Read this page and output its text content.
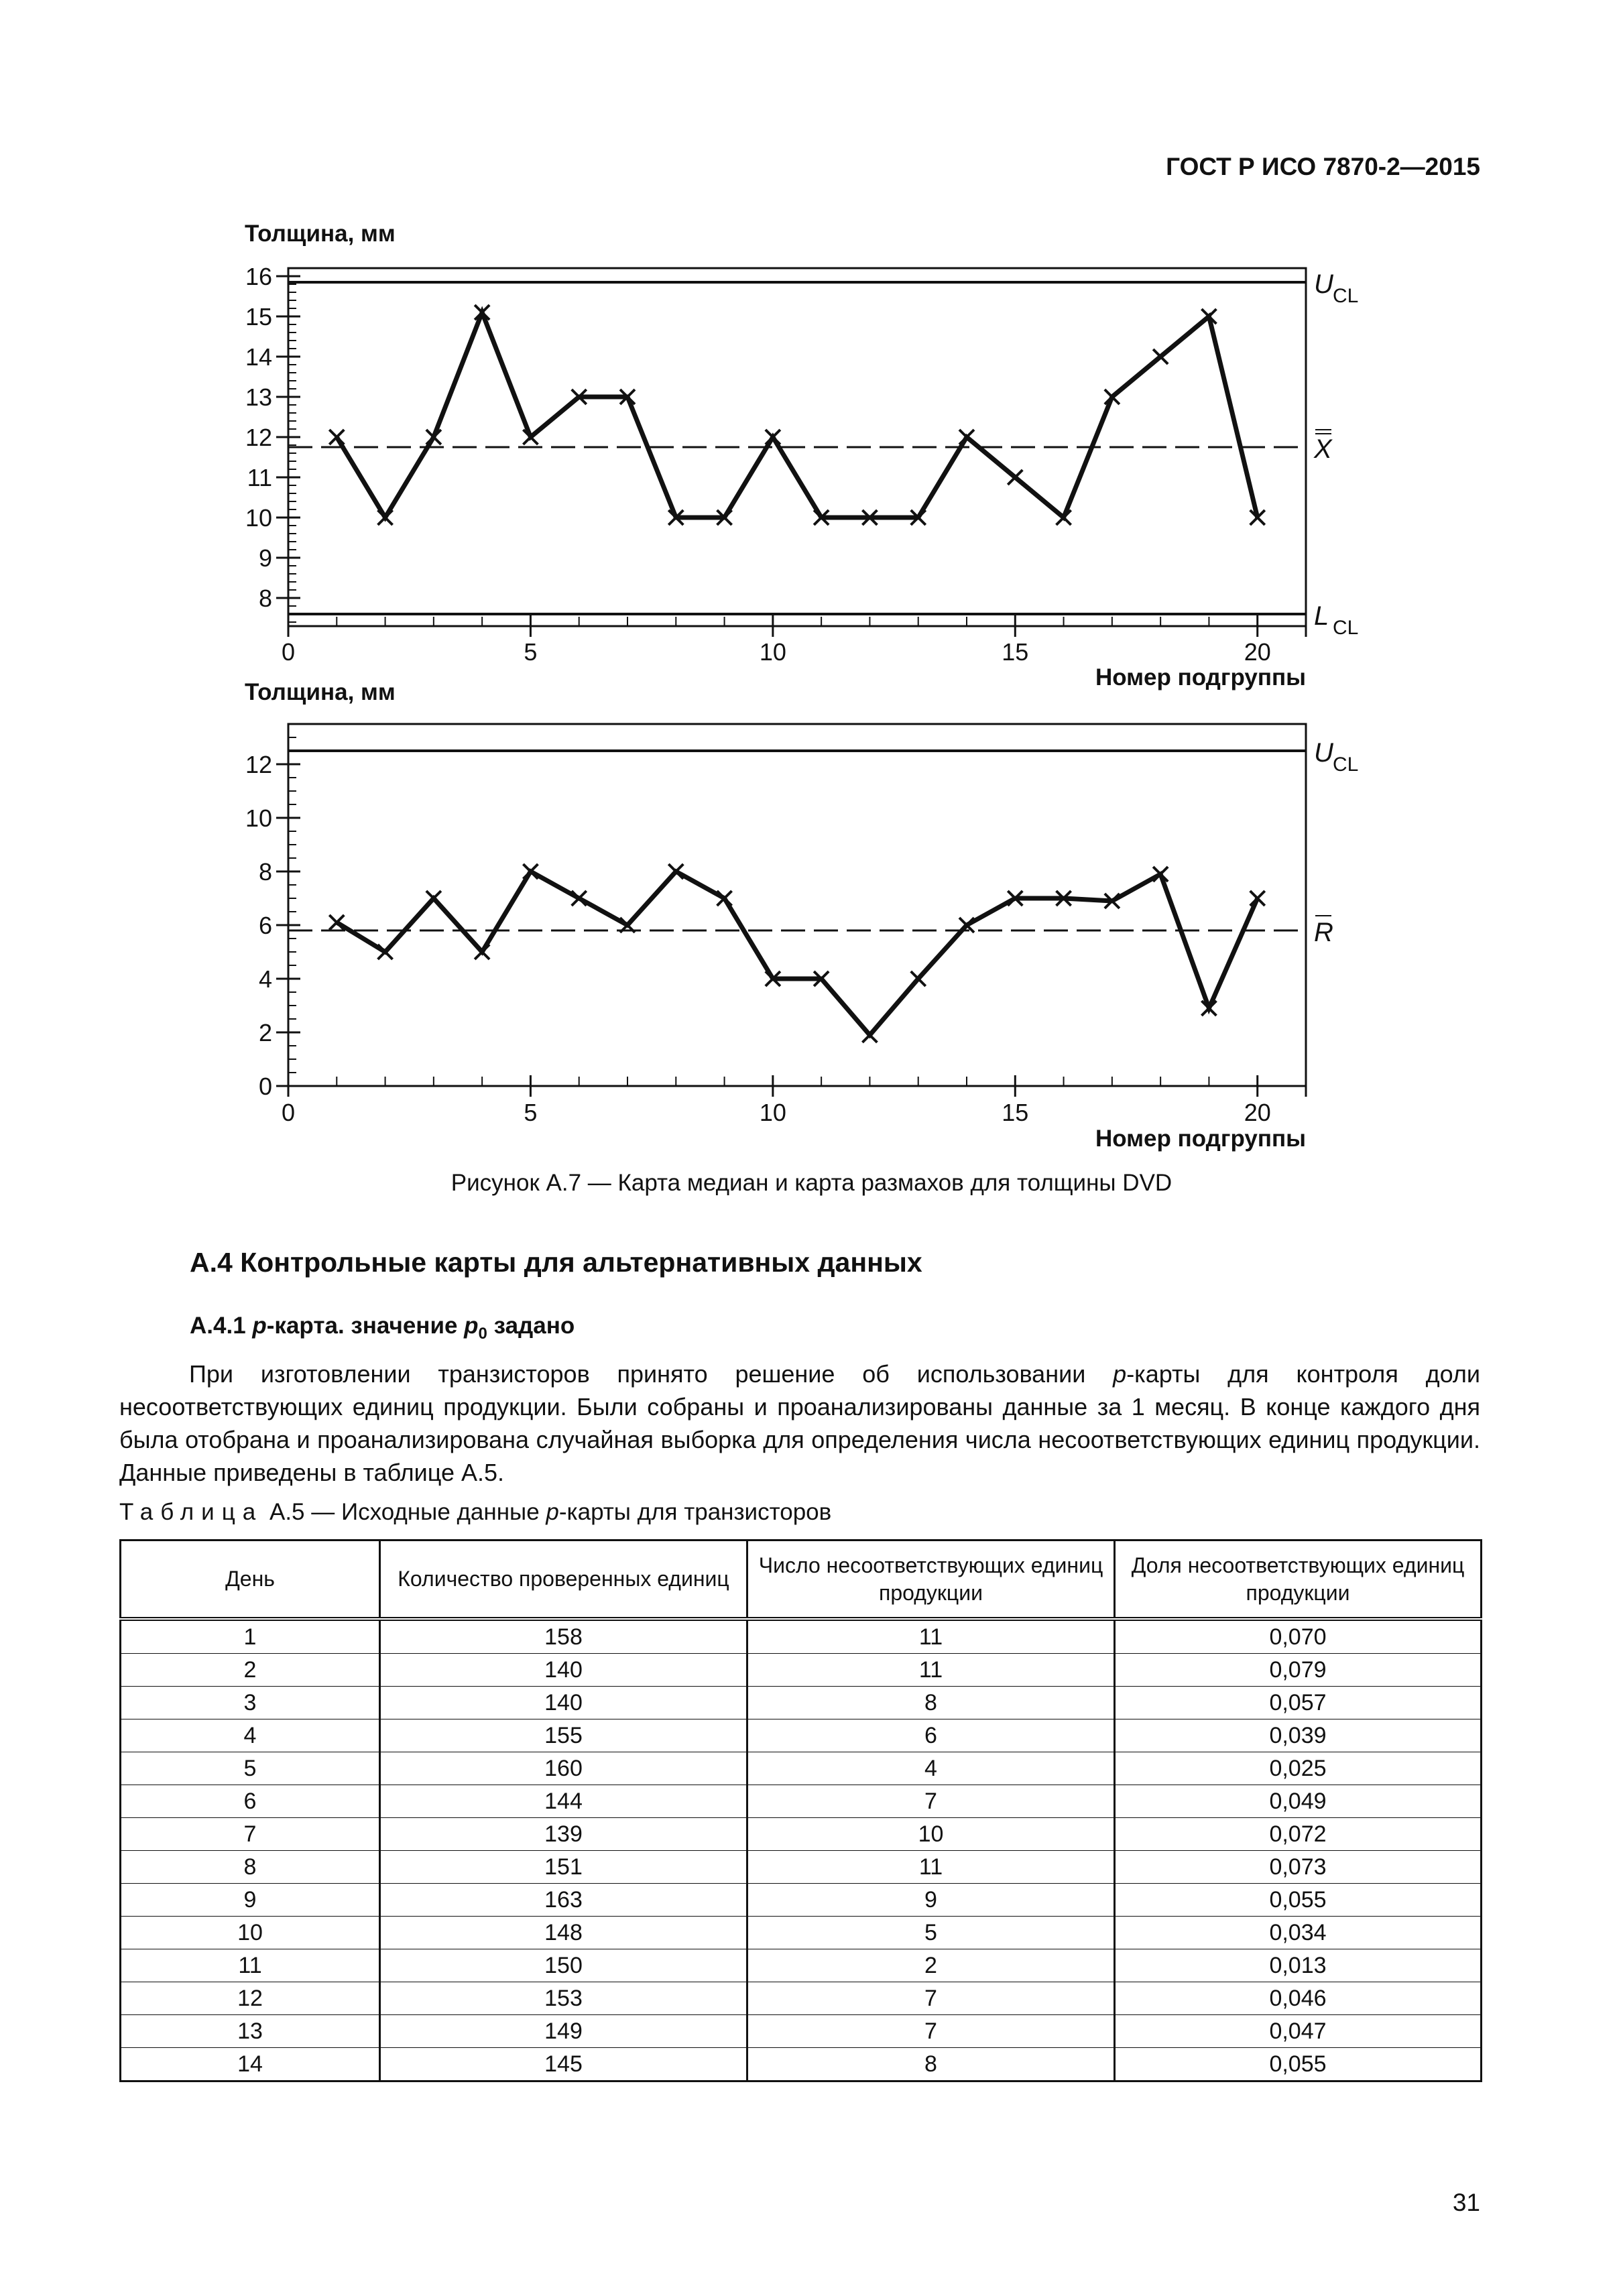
ГОСТ Р ИСО 7870-2—2015
8
9
10
11
12
13
14
15
16
0	5	10	15	20
Толщина, мм
Номер подгруппы
U CL
X
L CL
0
2
4
6
8
10
12
0	5	10	15	20
Толщина, мм
Номер подгруппы
U CL
R
Рисунок А.7 — Карта медиан и карта размахов для толщины DVD
А.4 Контрольные карты для альтернативных данных
А.4.1 p-карта. значение $p_0$ задано
При изготовлении транзисторов принято решение об использовании p-карты для контроля доли несоответствующих единиц продукции. Были собраны и проанализированы данные за 1 месяц. В конце каждого дня была отобрана и проанализирована случайная выборка для определения числа несоответствующих единиц продукции. Данные приведены в таблице А.5.
Таблица А.5 — Исходные данные p-карты для транзисторов
День	Количество проверенных единиц	Число несоответствующих единиц продукции	Доля несоответствующих единиц продукции
1	158	11	0,070
2	140	11	0,079
3	140	8	0,057
4	155	6	0,039
5	160	4	0,025
6	144	7	0,049
7	139	10	0,072
8	151	11	0,073
9	163	9	0,055
10	148	5	0,034
11	150	2	0,013
12	153	7	0,046
13	149	7	0,047
14	145	8	0,055
31
